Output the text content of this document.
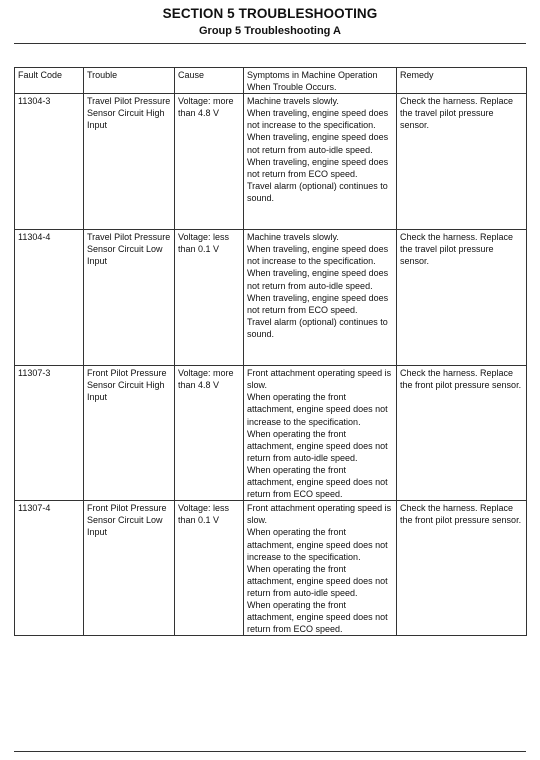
SECTION 5 TROUBLESHOOTING
Group 5 Troubleshooting A
Fault Code	Trouble	Cause	Symptoms in Machine Operation When Trouble Occurs.	Remedy
11304-3	Travel Pilot Pressure Sensor Circuit High Input	Voltage: more than 4.8 V	Machine travels slowly.
When traveling, engine speed does not increase to the specification.
When traveling, engine speed does not return from auto-idle speed.
When traveling, engine speed does not return from ECO speed.
Travel alarm (optional) continues to sound.	Check the harness. Replace the travel pilot pressure sensor.
11304-4	Travel Pilot Pressure Sensor Circuit Low Input	Voltage: less than 0.1 V	Machine travels slowly.
When traveling, engine speed does not increase to the specification.
When traveling, engine speed does not return from auto-idle speed.
When traveling, engine speed does not return from ECO speed.
Travel alarm (optional) continues to sound.	Check the harness. Replace the travel pilot pressure sensor.
11307-3	Front Pilot Pressure Sensor Circuit High Input	Voltage: more than 4.8 V	Front attachment operating speed is slow.
When operating the front attachment, engine speed does not increase to the specification.
When operating the front attachment, engine speed does not return from auto-idle speed.
When operating the front attachment, engine speed does not return from ECO speed.	Check the harness. Replace the front pilot pressure sensor.
11307-4	Front Pilot Pressure Sensor Circuit Low Input	Voltage: less than 0.1 V	Front attachment operating speed is slow.
When operating the front attachment, engine speed does not increase to the specification.
When operating the front attachment, engine speed does not return from auto-idle speed.
When operating the front attachment, engine speed does not return from ECO speed.	Check the harness. Replace the front pilot pressure sensor.
